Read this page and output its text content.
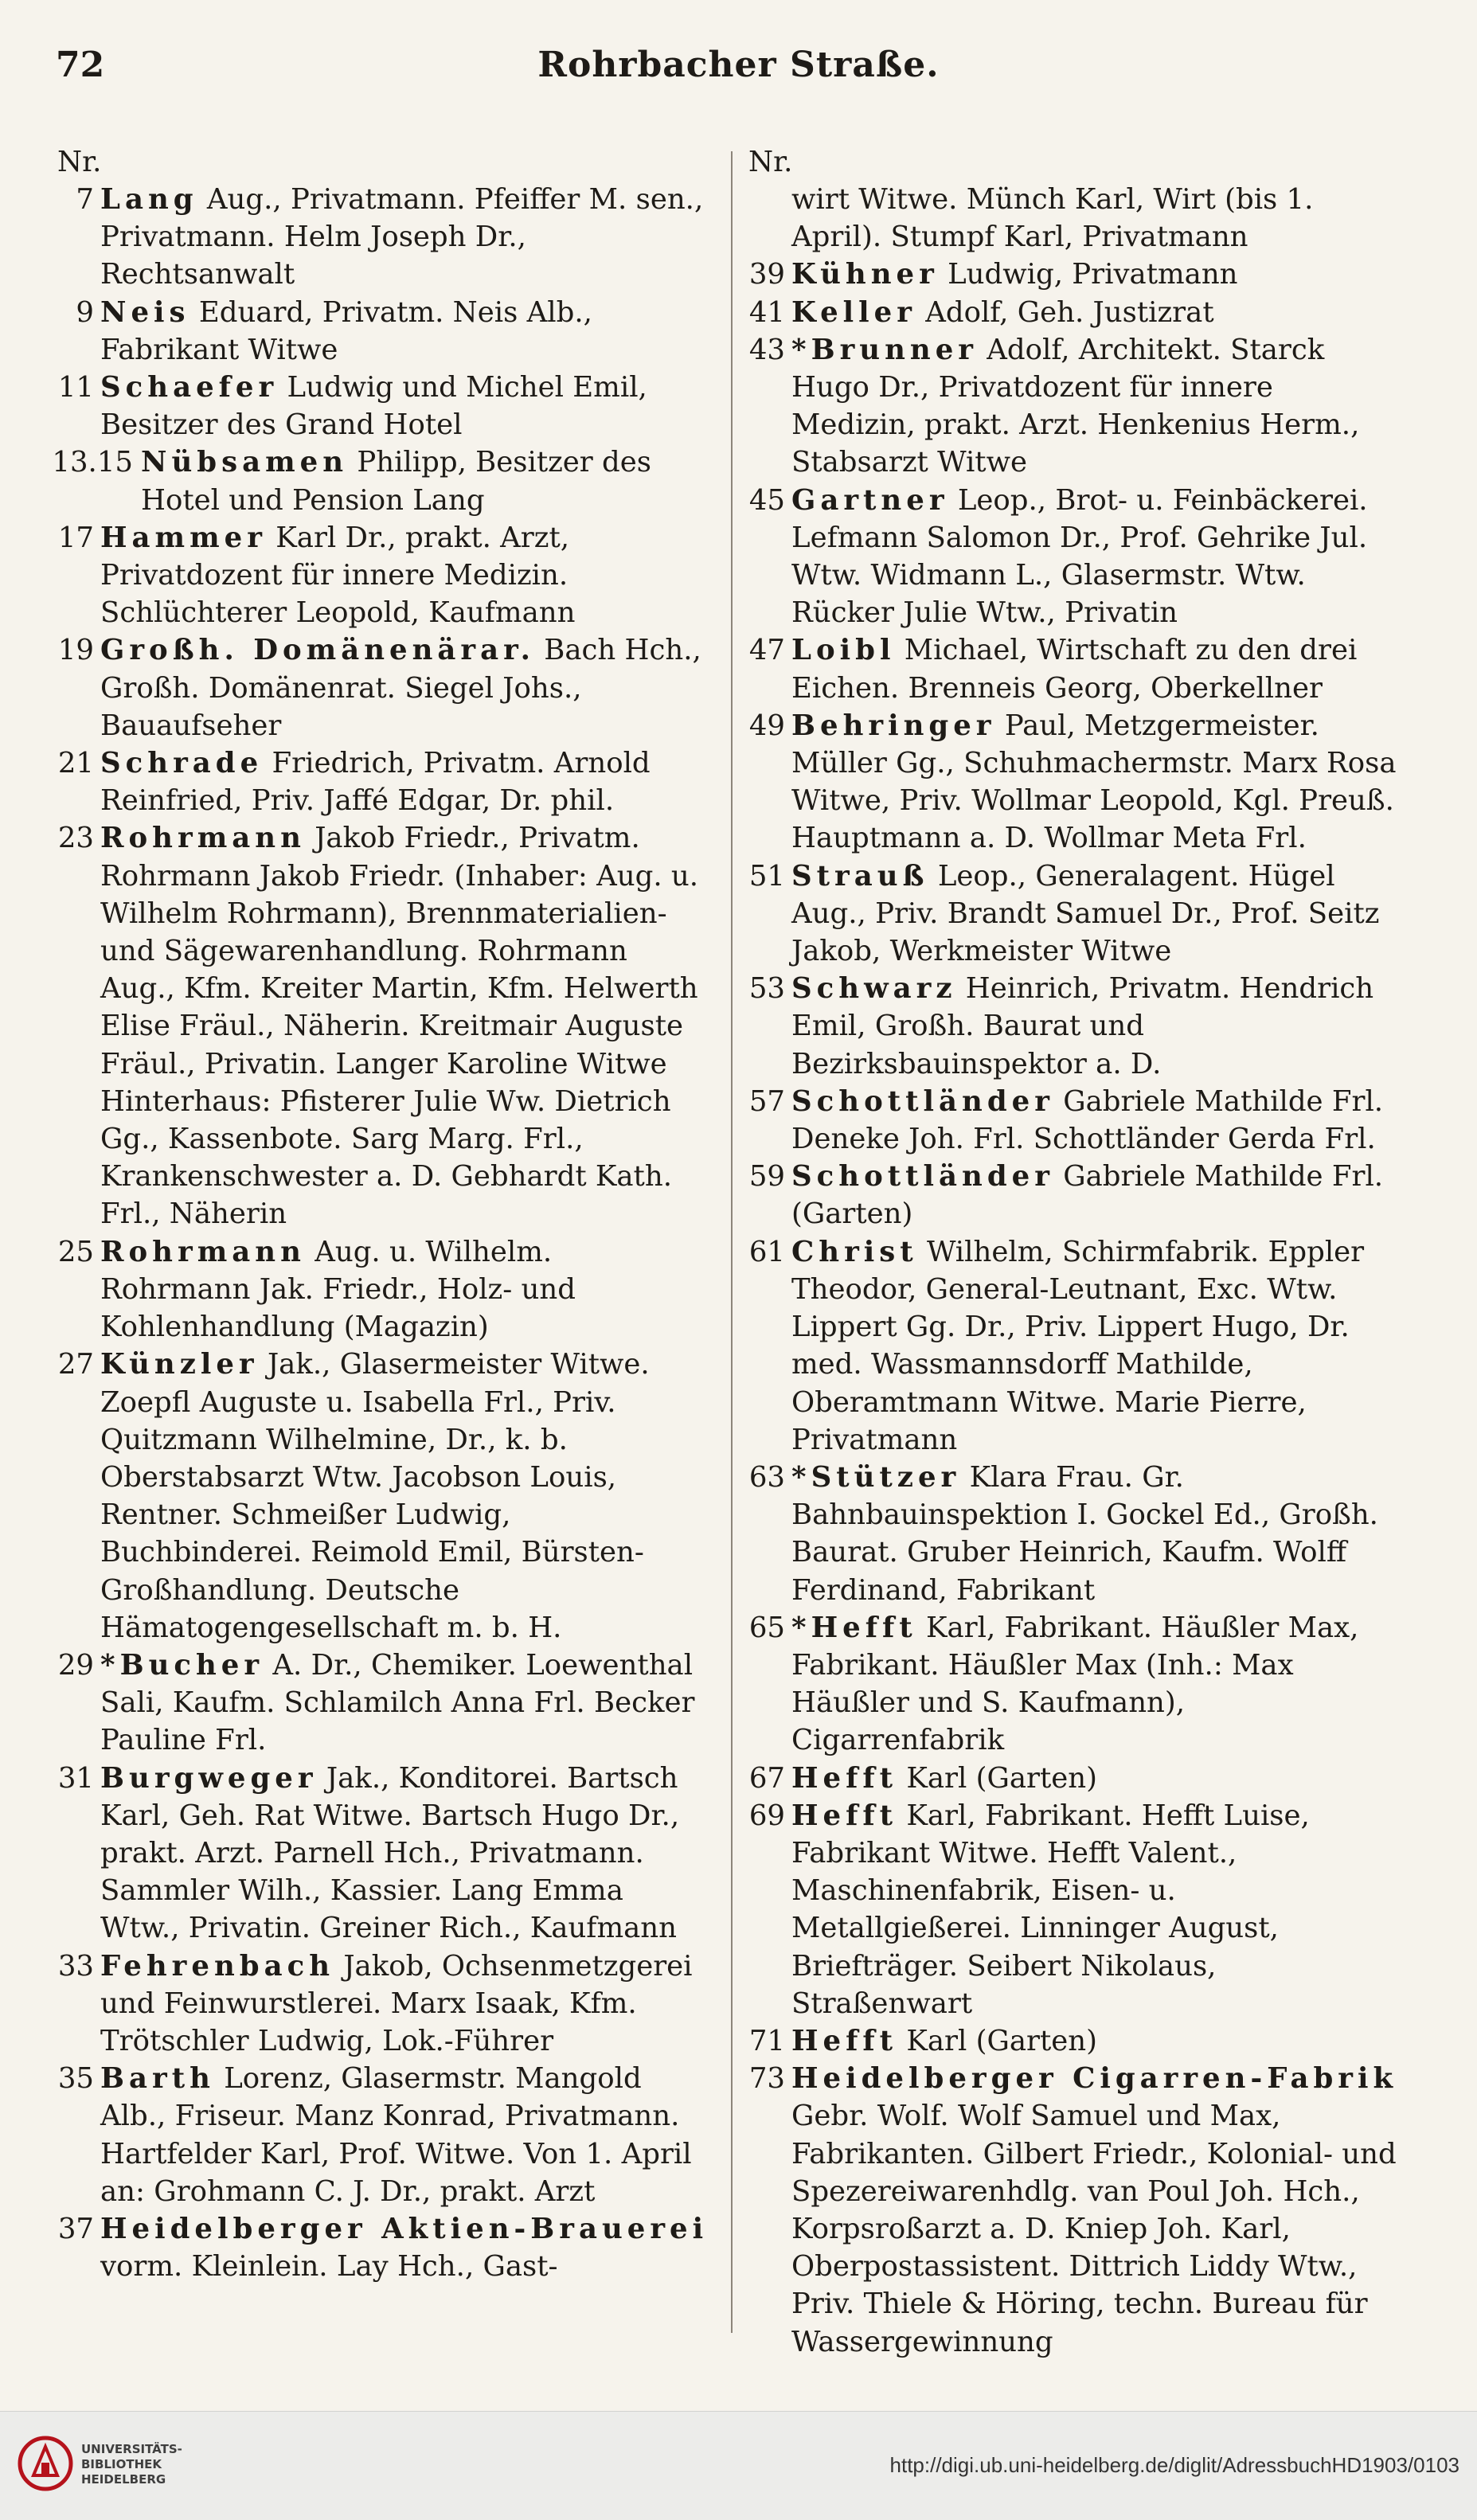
72	Rohrbacher Straße.
Nr.
7 Lang Aug., Privatmann. Pfeiffer M. sen., Privatmann. Helm Joseph Dr., Rechtsanwalt
9 Neis Eduard, Privatm. Neis Alb., Fabrikant Witwe
11 Schaefer Ludwig und Michel Emil, Besitzer des Grand Hotel
13.15 Nübsamen Philipp, Besitzer des Hotel und Pension Lang
17 Hammer Karl Dr., prakt. Arzt, Privatdozent für innere Medizin. Schlüchterer Leopold, Kaufmann
19 Großh. Domänenärar. Bach Hch., Großh. Domänenrat. Siegel Johs., Bauaufseher
21 Schrade Friedrich, Privatm. Arnold Reinfried, Priv. Jaffé Edgar, Dr. phil.
23 Rohrmann Jakob Friedr., Privatm. Rohrmann Jakob Friedr. (Inhaber: Aug. u. Wilhelm Rohrmann), Brennmaterialien- und Sägewarenhandlung. Rohrmann Aug., Kfm. Kreiter Martin, Kfm. Helwerth Elise Fräul., Näherin. Kreitmair Auguste Fräul., Privatin. Langer Karoline Witwe
Hinterhaus: Pfisterer Julie Ww. Dietrich Gg., Kassenbote. Sarg Marg. Frl., Krankenschwester a. D. Gebhardt Kath. Frl., Näherin
25 Rohrmann Aug. u. Wilhelm. Rohrmann Jak. Friedr., Holz- und Kohlenhandlung (Magazin)
27 Künzler Jak., Glasermeister Witwe. Zoepfl Auguste u. Isabella Frl., Priv. Quitzmann Wilhelmine, Dr., k. b. Oberstabsarzt Wtw. Jacobson Louis, Rentner. Schmeißer Ludwig, Buchbinderei. Reimold Emil, Bürsten-Großhandlung. Deutsche Hämatogengesellschaft m. b. H.
29 *Bucher A. Dr., Chemiker. Loewenthal Sali, Kaufm. Schlamilch Anna Frl. Becker Pauline Frl.
31 Burgweger Jak., Konditorei. Bartsch Karl, Geh. Rat Witwe. Bartsch Hugo Dr., prakt. Arzt. Parnell Hch., Privatmann. Sammler Wilh., Kassier. Lang Emma Wtw., Privatin. Greiner Rich., Kaufmann
33 Fehrenbach Jakob, Ochsenmetzgerei und Feinwurstlerei. Marx Isaak, Kfm. Trötschler Ludwig, Lok.-Führer
35 Barth Lorenz, Glasermstr. Mangold Alb., Friseur. Manz Konrad, Privatmann. Hartfelder Karl, Prof. Witwe. Von 1. April an: Grohmann C. J. Dr., prakt. Arzt
37 Heidelberger Aktien-Brauerei vorm. Kleinlein. Lay Hch., Gast-
Nr.
wirt Witwe. Münch Karl, Wirt (bis 1. April). Stumpf Karl, Privatmann
39 Kühner Ludwig, Privatmann
41 Keller Adolf, Geh. Justizrat
43 *Brunner Adolf, Architekt. Starck Hugo Dr., Privatdozent für innere Medizin, prakt. Arzt. Henkenius Herm., Stabsarzt Witwe
45 Gartner Leop., Brot- u. Feinbäckerei. Lefmann Salomon Dr., Prof. Gehrike Jul. Wtw. Widmann L., Glasermstr. Wtw. Rücker Julie Wtw., Privatin
47 Loibl Michael, Wirtschaft zu den drei Eichen. Brenneis Georg, Oberkellner
49 Behringer Paul, Metzgermeister. Müller Gg., Schuhmachermstr. Marx Rosa Witwe, Priv. Wollmar Leopold, Kgl. Preuß. Hauptmann a. D. Wollmar Meta Frl.
51 Strauß Leop., Generalagent. Hügel Aug., Priv. Brandt Samuel Dr., Prof. Seitz Jakob, Werkmeister Witwe
53 Schwarz Heinrich, Privatm. Hendrich Emil, Großh. Baurat und Bezirksbauinspektor a. D.
57 Schottländer Gabriele Mathilde Frl. Deneke Joh. Frl. Schottländer Gerda Frl.
59 Schottländer Gabriele Mathilde Frl. (Garten)
61 Christ Wilhelm, Schirmfabrik. Eppler Theodor, General-Leutnant, Exc. Wtw. Lippert Gg. Dr., Priv. Lippert Hugo, Dr. med. Wassmannsdorff Mathilde, Oberamtmann Witwe. Marie Pierre, Privatmann
63 *Stützer Klara Frau. Gr. Bahnbauinspektion I. Gockel Ed., Großh. Baurat. Gruber Heinrich, Kaufm. Wolff Ferdinand, Fabrikant
65 *Hefft Karl, Fabrikant. Häußler Max, Fabrikant. Häußler Max (Inh.: Max Häußler und S. Kaufmann), Cigarrenfabrik
67 Hefft Karl (Garten)
69 Hefft Karl, Fabrikant. Hefft Luise, Fabrikant Witwe. Hefft Valent., Maschinenfabrik, Eisen- u. Metallgießerei. Linninger August, Briefträger. Seibert Nikolaus, Straßenwart
71 Hefft Karl (Garten)
73 Heidelberger Cigarren-Fabrik Gebr. Wolf. Wolf Samuel und Max, Fabrikanten. Gilbert Friedr., Kolonial- und Spezereiwarenhdlg. van Poul Joh. Hch., Korpsroßarzt a. D. Kniep Joh. Karl, Oberpostassistent. Dittrich Liddy Wtw., Priv. Thiele & Höring, techn. Bureau für Wassergewinnung
UNIVERSITÄTS-
BIBLIOTHEK
HEIDELBERG
http://digi.ub.uni-heidelberg.de/diglit/AdressbuchHD1903/0103
